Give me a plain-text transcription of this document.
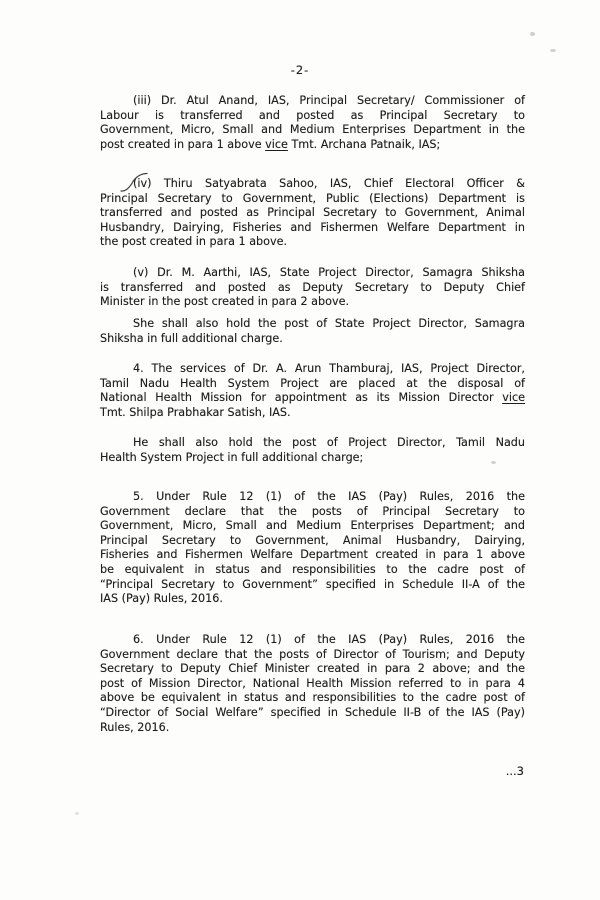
-2-
(iii) Dr. Atul Anand, IAS, Principal Secretary/ Commissioner of
Labour is transferred and posted as Principal Secretary to
Government, Micro, Small and Medium Enterprises Department in the
post created in para 1 above vice Tmt. Archana Patnaik, IAS;
(iv) Thiru Satyabrata Sahoo, IAS, Chief Electoral Officer &
Principal Secretary to Government, Public (Elections) Department is
transferred and posted as Principal Secretary to Government, Animal
Husbandry, Dairying, Fisheries and Fishermen Welfare Department in
the post created in para 1 above.
(v) Dr. M. Aarthi, IAS, State Project Director, Samagra Shiksha
is transferred and posted as Deputy Secretary to Deputy Chief
Minister in the post created in para 2 above.
She shall also hold the post of State Project Director, Samagra
Shiksha in full additional charge.
4. The services of Dr. A. Arun Thamburaj, IAS, Project Director,
Tamil Nadu Health System Project are placed at the disposal of
National Health Mission for appointment as its Mission Director vice
Tmt. Shilpa Prabhakar Satish, IAS.
He shall also hold the post of Project Director, Tamil Nadu
Health System Project in full additional charge;
5. Under Rule 12 (1) of the IAS (Pay) Rules, 2016 the
Government declare that the posts of Principal Secretary to
Government, Micro, Small and Medium Enterprises Department; and
Principal Secretary to Government, Animal Husbandry, Dairying,
Fisheries and Fishermen Welfare Department created in para 1 above
be equivalent in status and responsibilities to the cadre post of
“Principal Secretary to Government” specified in Schedule II-A of the
IAS (Pay) Rules, 2016.
6. Under Rule 12 (1) of the IAS (Pay) Rules, 2016 the
Government declare that the posts of Director of Tourism; and Deputy
Secretary to Deputy Chief Minister created in para 2 above; and the
post of Mission Director, National Health Mission referred to in para 4
above be equivalent in status and responsibilities to the cadre post of
“Director of Social Welfare” specified in Schedule II-B of the IAS (Pay)
Rules, 2016.
...3
